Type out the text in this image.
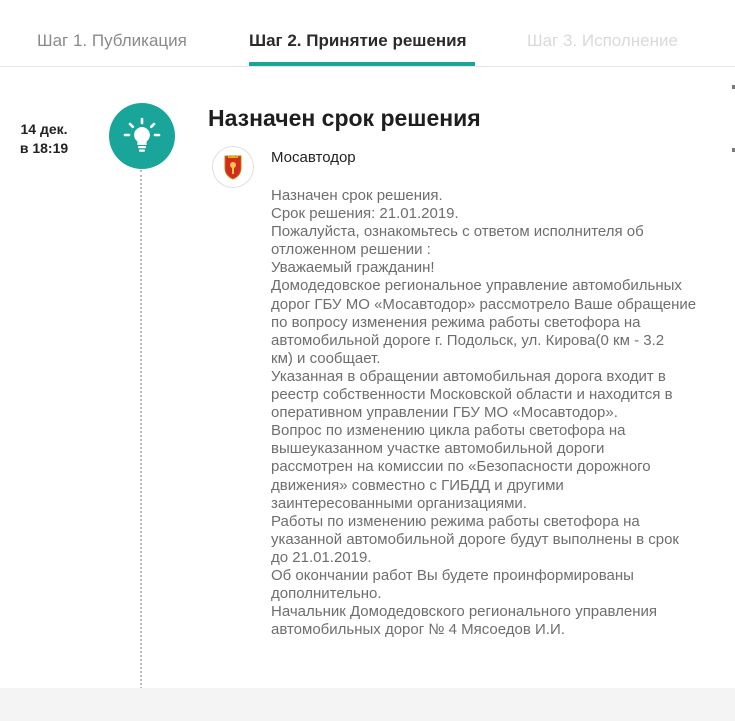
Шаг 1. Публикация	Шаг 2. Принятие решения	Шаг 3. Исполнение
14 дек.
в 18:19
Назначен срок решения
Мосавтодор
Назначен срок решения.
Срок решения: 21.01.2019.
Пожалуйста, ознакомьтесь с ответом исполнителя об
отложенном решении :
Уважаемый гражданин!
Домодедовское региональное управление автомобильных
дорог ГБУ МО «Мосавтодор» рассмотрело Ваше обращение
по вопросу изменения режима работы светофора на
автомобильной дороге г. Подольск, ул. Кирова(0 км - 3.2
км) и сообщает.
Указанная в обращении автомобильная дорога входит в
реестр собственности Московской области и находится в
оперативном управлении ГБУ МО «Мосавтодор».
Вопрос по изменению цикла работы светофора на
вышеуказанном участке автомобильной дороги
рассмотрен на комиссии по «Безопасности дорожного
движения» совместно с ГИБДД и другими
заинтересованными организациями.
Работы по изменению режима работы светофора на
указанной автомобильной дороге будут выполнены в срок
до 21.01.2019.
Об окончании работ Вы будете проинформированы
дополнительно.
Начальник Домодедовского регионального управления
автомобильных дорог № 4 Мясоедов И.И.
